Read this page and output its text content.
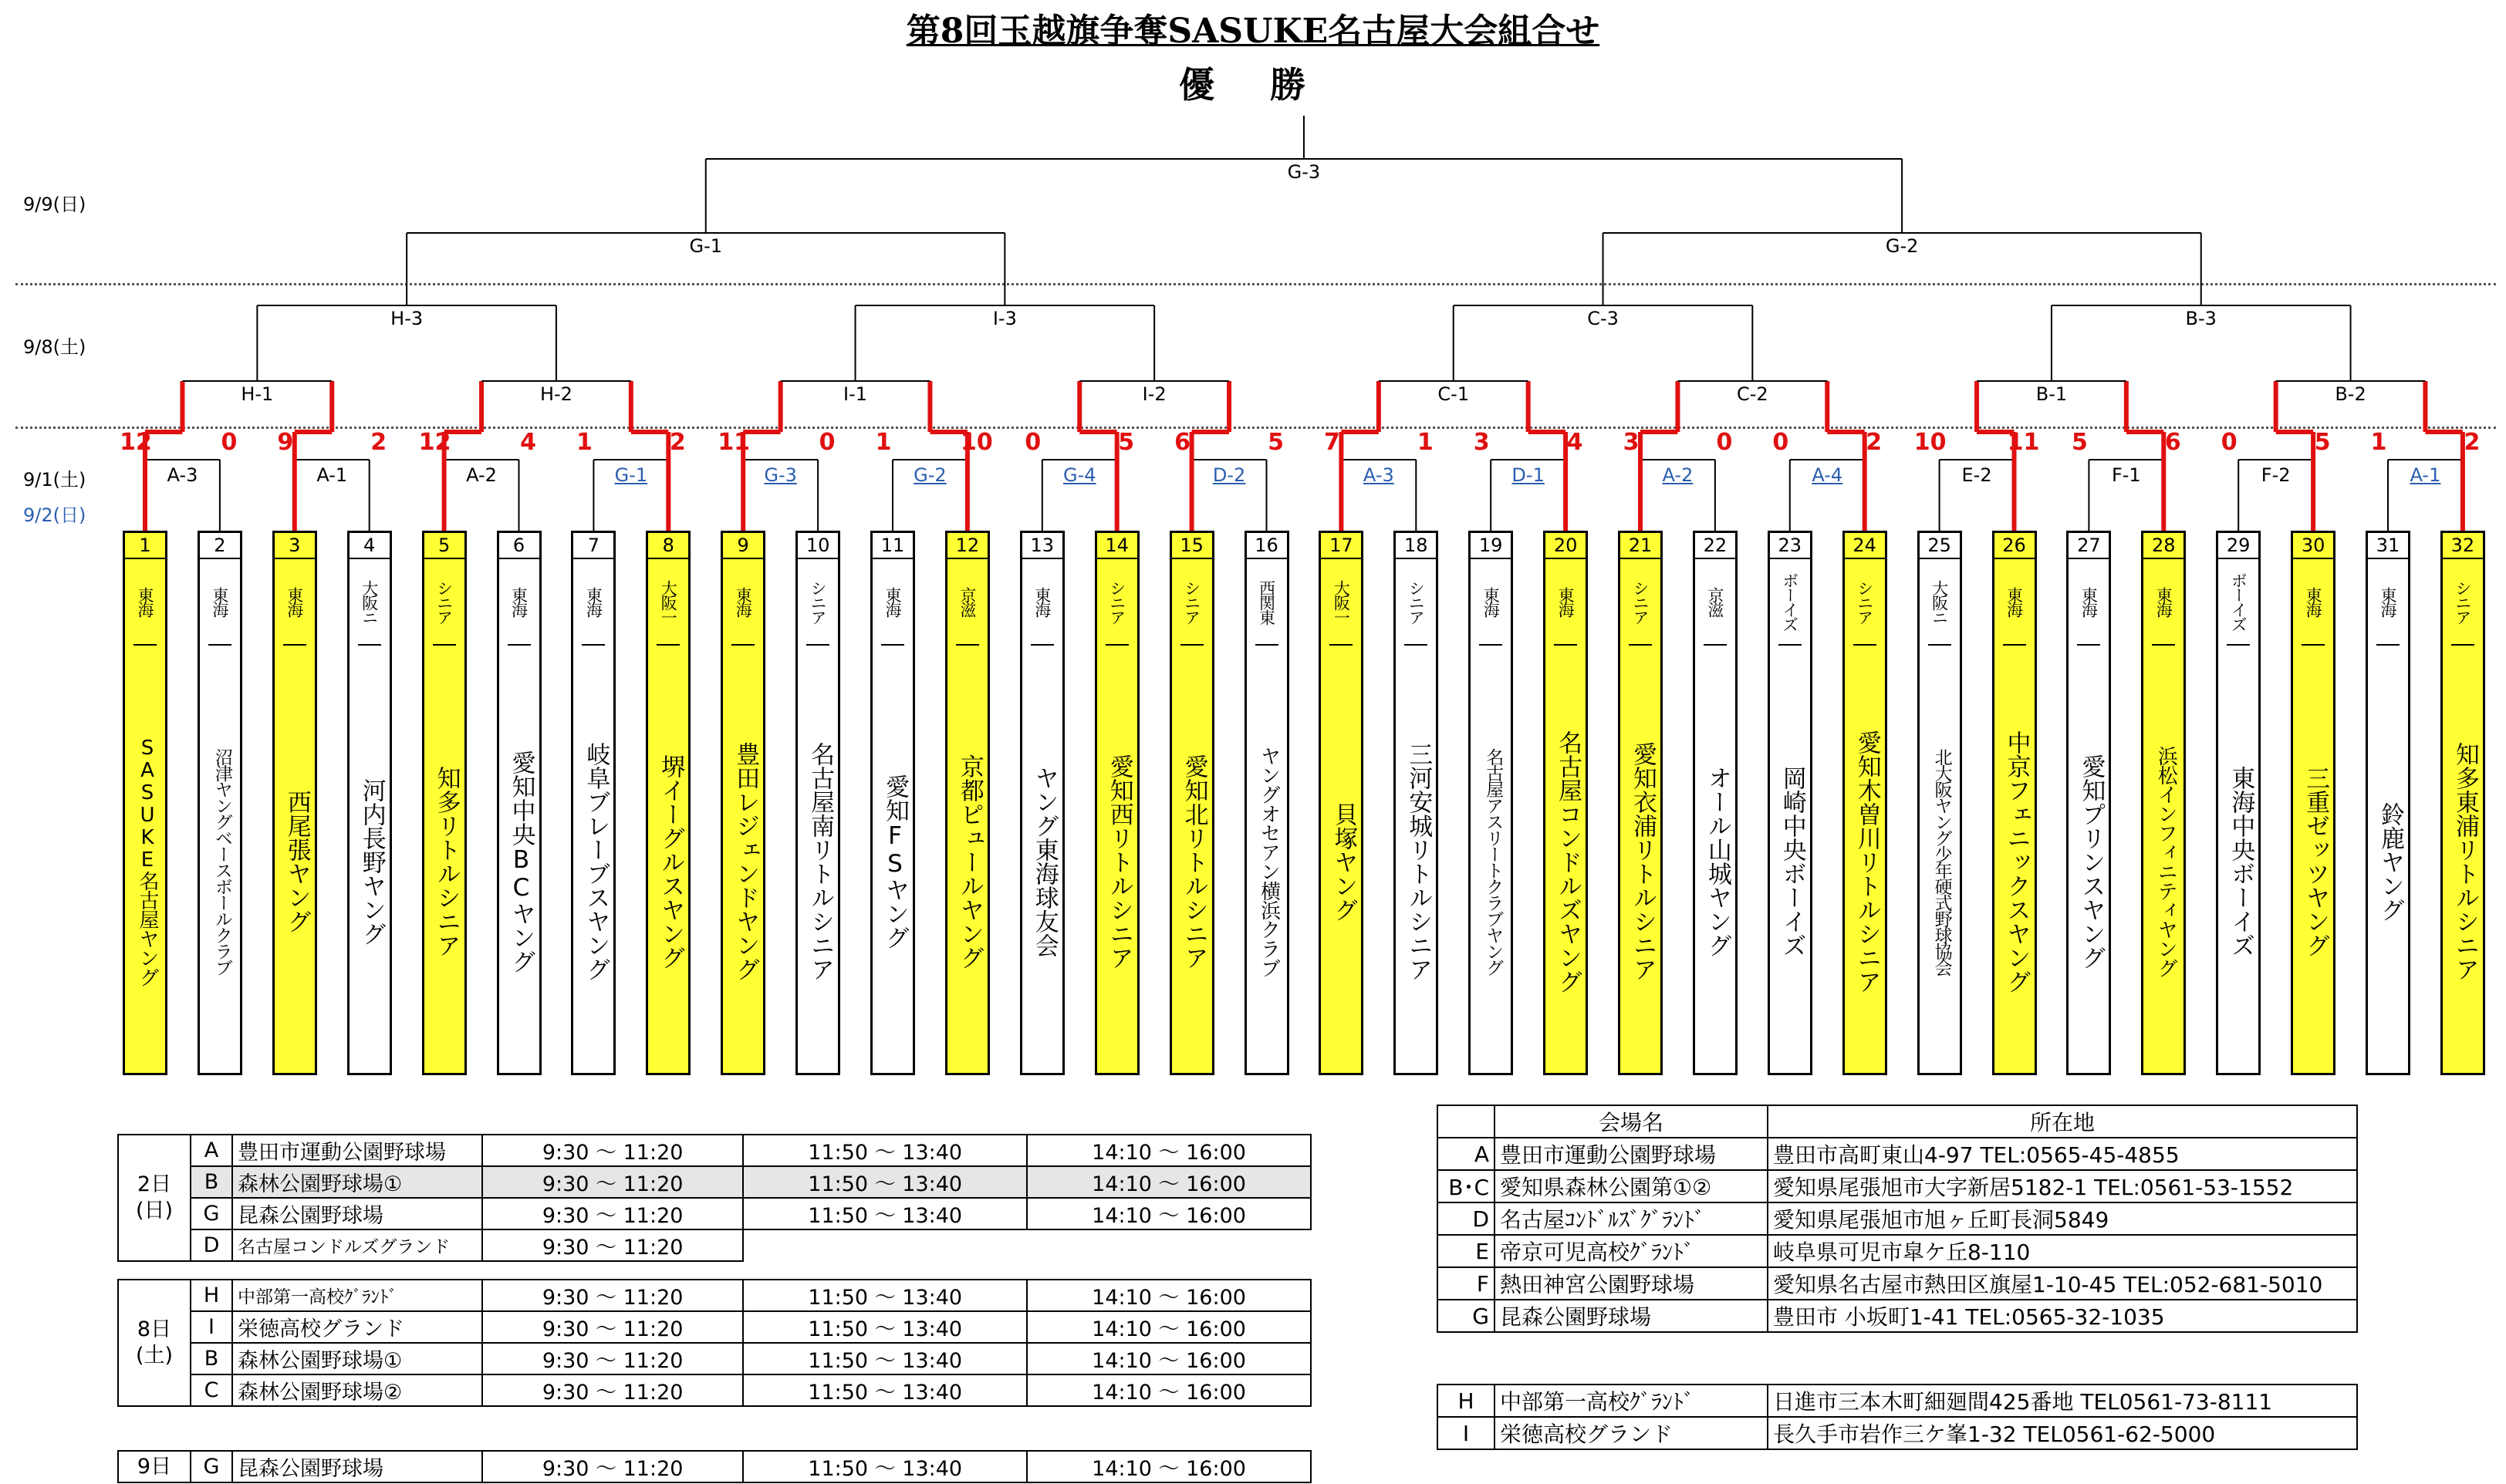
第8回玉越旗争奪SASUKE名古屋大会組合せ
優 勝
9/9(日)
9/8(土)
9/1(土)
9/2(日)
A-3
12	0
A-1
9	2
A-2
12	4
G-1
1	2
G-3
11	0
G-2
1	10
G-4
0	5
D-2
6	5
A-3
7	1
D-1
3	4
A-2
3	0
A-4
0	2
E-2
10	11
F-1
5	6
F-2
0	5
A-1
1	2
H-1	H-2	I-1	I-2	C-1	C-2	B-1	B-2
H-3	I-3	C-3	B-3
G-1	G-2
G-3
1
東海
SASUKE名古屋ヤング
2
東海
沼津ヤングベースボールクラブ
3
東海
西尾張ヤング
4
大阪ニ
河内長野ヤング
5
シニア
知多リトルシニア
6
東海
愛知中央BCヤング
7
東海
岐阜ブレーブスヤング
8
大阪一
堺イーグルスヤング
9
東海
豊田レジェンドヤング
10
シニア
名古屋南リトルシニア
11
東海
愛知FSヤング
12
京滋
京都ピュールヤング
13
東海
ヤング東海球友会
14
シニア
愛知西リトルシニア
15
シニア
愛知北リトルシニア
16
西関東
ヤングオセアン横浜クラブ
17
大阪一
貝塚ヤング
18
シニア
三河安城リトルシニア
19
東海
名古屋アスリートクラブヤング
20
東海
名古屋コンドルズヤング
21
シニア
愛知衣浦リトルシニア
22
京滋
オール山城ヤング
23
ボーイズ
岡崎中央ボーイズ
24
シニア
愛知木曽川リトルシニア
25
大阪ニ
北大阪ヤング少年硬式野球協会
26
東海
中京フェニックスヤング
27
東海
愛知プリンスヤング
28
東海
浜松インフィニティヤング
29
ボーイズ
東海中央ボーイズ
30
東海
三重ゼッツヤング
31
東海
鈴鹿ヤング
32
シニア
知多東浦リトルシニア
2日
(日)	A	豊田市運動公園野球場	9:30 〜 11:20	11:50 〜 13:40	14:10 〜 16:00
	B	森林公園野球場①	9:30 〜 11:20	11:50 〜 13:40	14:10 〜 16:00
	G	昆森公園野球場	9:30 〜 11:20	11:50 〜 13:40	14:10 〜 16:00
	D	名古屋コンドルズグランド	9:30 〜 11:20		
8日
(土)	H	中部第一高校ｸﾞﾗﾝﾄﾞ	9:30 〜 11:20	11:50 〜 13:40	14:10 〜 16:00
	I	栄徳高校グランド	9:30 〜 11:20	11:50 〜 13:40	14:10 〜 16:00
	B	森林公園野球場①	9:30 〜 11:20	11:50 〜 13:40	14:10 〜 16:00
	C	森林公園野球場②	9:30 〜 11:20	11:50 〜 13:40	14:10 〜 16:00
9日	G	昆森公園野球場	9:30 〜 11:20	11:50 〜 13:40	14:10 〜 16:00
	会場名	所在地
A	豊田市運動公園野球場	豊田市高町東山4-97 TEL:0565-45-4855
B･C	愛知県森林公園第①②	愛知県尾張旭市大字新居5182-1 TEL:0561-53-1552
D	名古屋ｺﾝﾄﾞﾙｽﾞｸﾞﾗﾝﾄﾞ	愛知県尾張旭市旭ヶ丘町長洞5849
E	帝京可児高校ｸﾞﾗﾝﾄﾞ	岐阜県可児市皐ケ丘8-110
F	熱田神宮公園野球場	愛知県名古屋市熱田区旗屋1-10-45 TEL:052-681-5010
G	昆森公園野球場	豊田市 小坂町1-41 TEL:0565-32-1035
H	中部第一高校ｸﾞﾗﾝﾄﾞ	日進市三本木町細廻間425番地 TEL0561-73-8111
I	栄徳高校グランド	長久手市岩作三ケ峯1-32 TEL0561-62-5000
